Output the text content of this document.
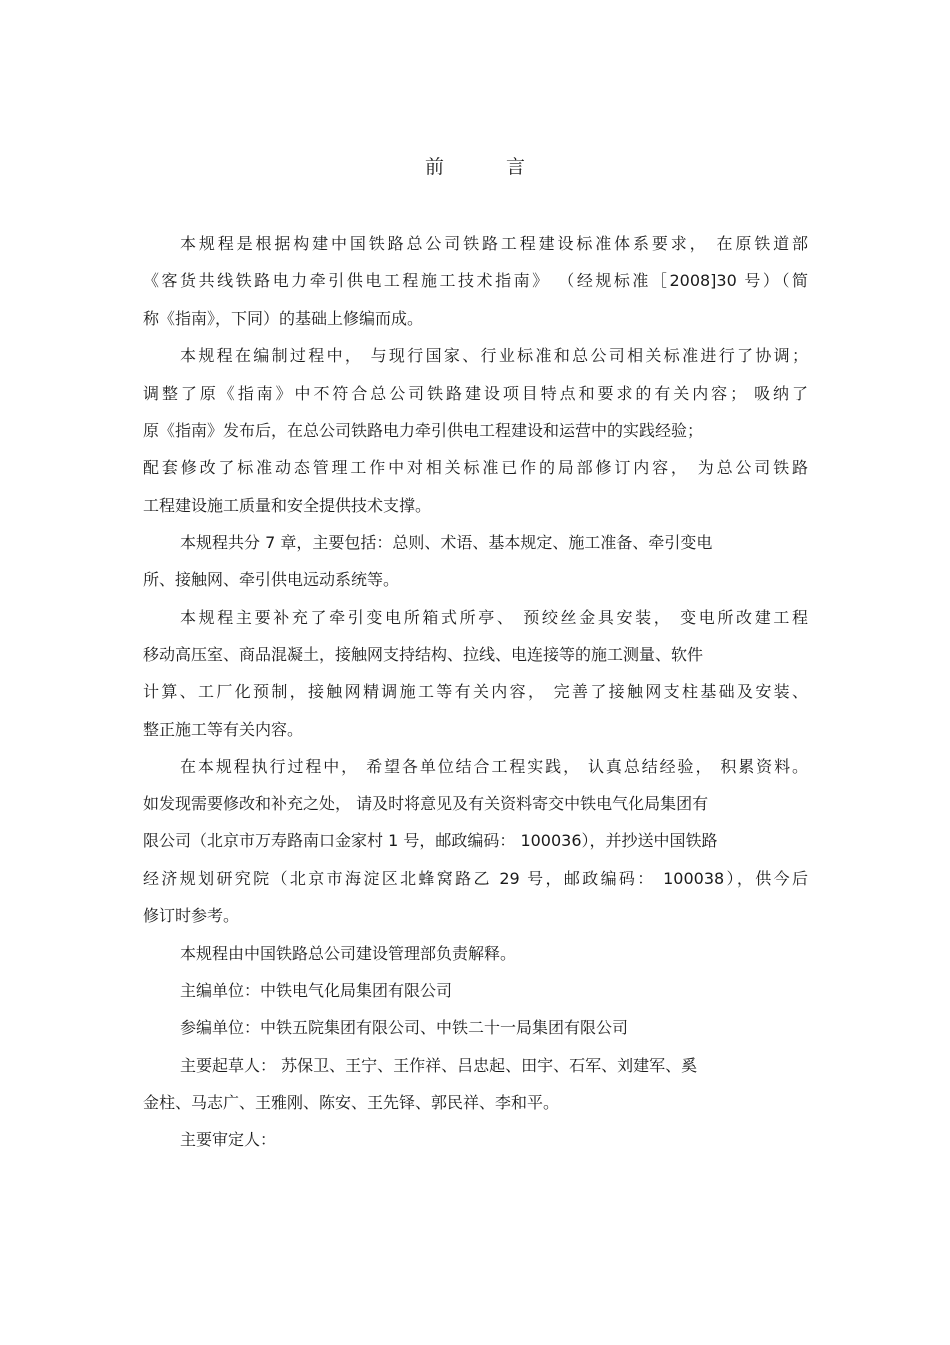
前 言
本规程是根据构建中国铁路总公司铁路工程建设标准体系要求， 在原铁道部
《客货共线铁路电力牵引供电工程施工技术指南》 （经规标准［2008]30 号）（简
称《指南》，下同）的基础上修编而成。
本规程在编制过程中， 与现行国家、行业标准和总公司相关标准进行了协调；
调整了原《指南》中不符合总公司铁路建设项目特点和要求的有关内容； 吸纳了
原《指南》发布后，在总公司铁路电力牵引供电工程建设和运营中的实践经验；
配套修改了标准动态管理工作中对相关标准已作的局部修订内容， 为总公司铁路
工程建设施工质量和安全提供技术支撑。
本规程共分 7 章，主要包括：总则、术语、基本规定、施工准备、牵引变电
所、接触网、牵引供电远动系统等。
本规程主要补充了牵引变电所箱式所亭、 预绞丝金具安装， 变电所改建工程
移动高压室、商品混凝土，接触网支持结构、拉线、电连接等的施工测量、软件
计算、工厂化预制，接触网精调施工等有关内容， 完善了接触网支柱基础及安装、
整正施工等有关内容。
在本规程执行过程中， 希望各单位结合工程实践， 认真总结经验， 积累资料。
如发现需要修改和补充之处， 请及时将意见及有关资料寄交中铁电气化局集团有
限公司（北京市万寿路南口金家村 1 号，邮政编码： 100036），并抄送中国铁路
经济规划研究院（北京市海淀区北蜂窝路乙 29 号，邮政编码： 100038），供今后
修订时参考。
本规程由中国铁路总公司建设管理部负责解释。
主编单位：中铁电气化局集团有限公司
参编单位：中铁五院集团有限公司、中铁二十一局集团有限公司
主要起草人： 苏保卫、王宁、王作祥、吕忠起、田宇、石军、刘建军、奚
金柱、马志广、王雅刚、陈安、王先铎、郭民祥、李和平。
主要审定人：
